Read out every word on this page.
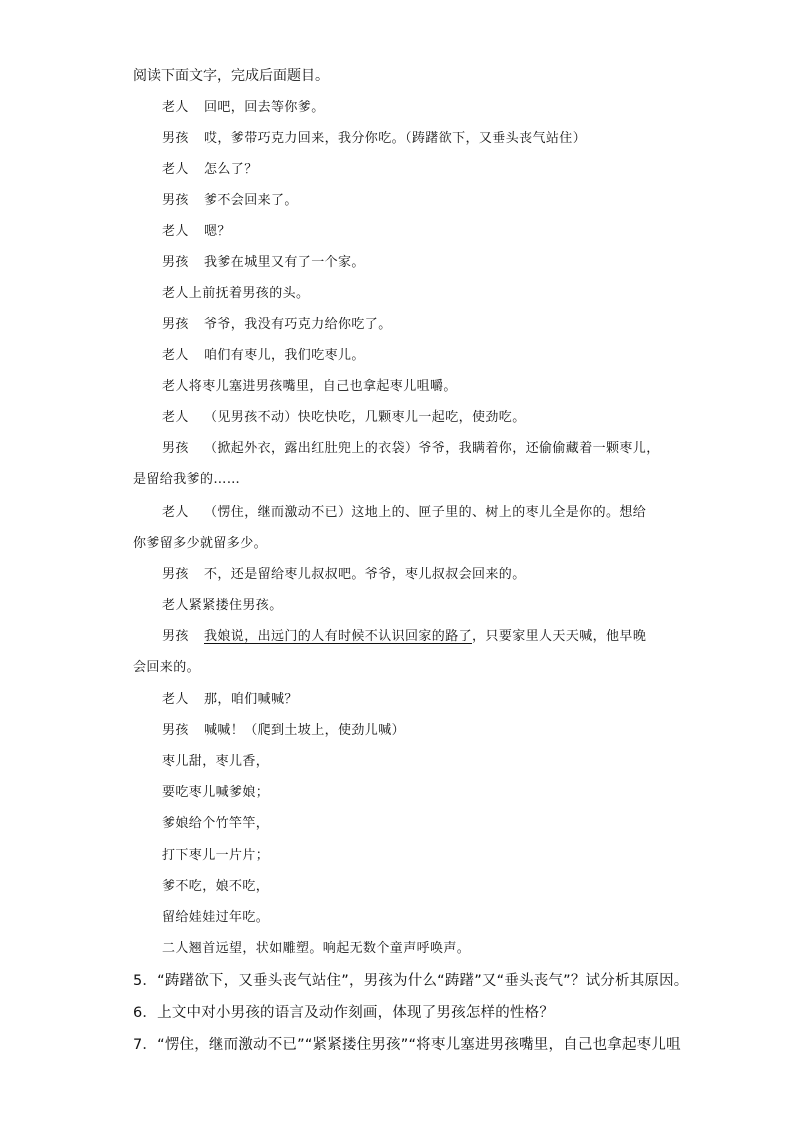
阅读下面文字，完成后面题目。
老人 回吧，回去等你爹。
男孩 哎，爹带巧克力回来，我分你吃。（踌躇欲下，又垂头丧气站住）
老人 怎么了？
男孩 爹不会回来了。
老人 嗯？
男孩 我爹在城里又有了一个家。
老人上前抚着男孩的头。
男孩 爷爷，我没有巧克力给你吃了。
老人 咱们有枣儿，我们吃枣儿。
老人将枣儿塞进男孩嘴里，自己也拿起枣儿咀嚼。
老人 （见男孩不动）快吃快吃，几颗枣儿一起吃，使劲吃。
男孩 （掀起外衣，露出红肚兜上的衣袋）爷爷，我瞒着你，还偷偷藏着一颗枣儿，
是留给我爹的……
老人 （愣住，继而激动不已）这地上的、匣子里的、树上的枣儿全是你的。想给
你爹留多少就留多少。
男孩 不，还是留给枣儿叔叔吧。爷爷，枣儿叔叔会回来的。
老人紧紧搂住男孩。
男孩 我娘说，出远门的人有时候不认识回家的路了，只要家里人天天喊，他早晚
会回来的。
老人 那，咱们喊喊？
男孩 喊喊！（爬到土坡上，使劲儿喊）
枣儿甜，枣儿香，
要吃枣儿喊爹娘；
爹娘给个竹竿竿，
打下枣儿一片片；
爹不吃，娘不吃，
留给娃娃过年吃。
二人翘首远望，状如雕塑。响起无数个童声呼唤声。
5．“踌躇欲下，又垂头丧气站住”，男孩为什么“踌躇”又“垂头丧气”？试分析其原因。
6．上文中对小男孩的语言及动作刻画，体现了男孩怎样的性格？
7．“愣住，继而激动不已”“紧紧搂住男孩”“将枣儿塞进男孩嘴里，自己也拿起枣儿咀
